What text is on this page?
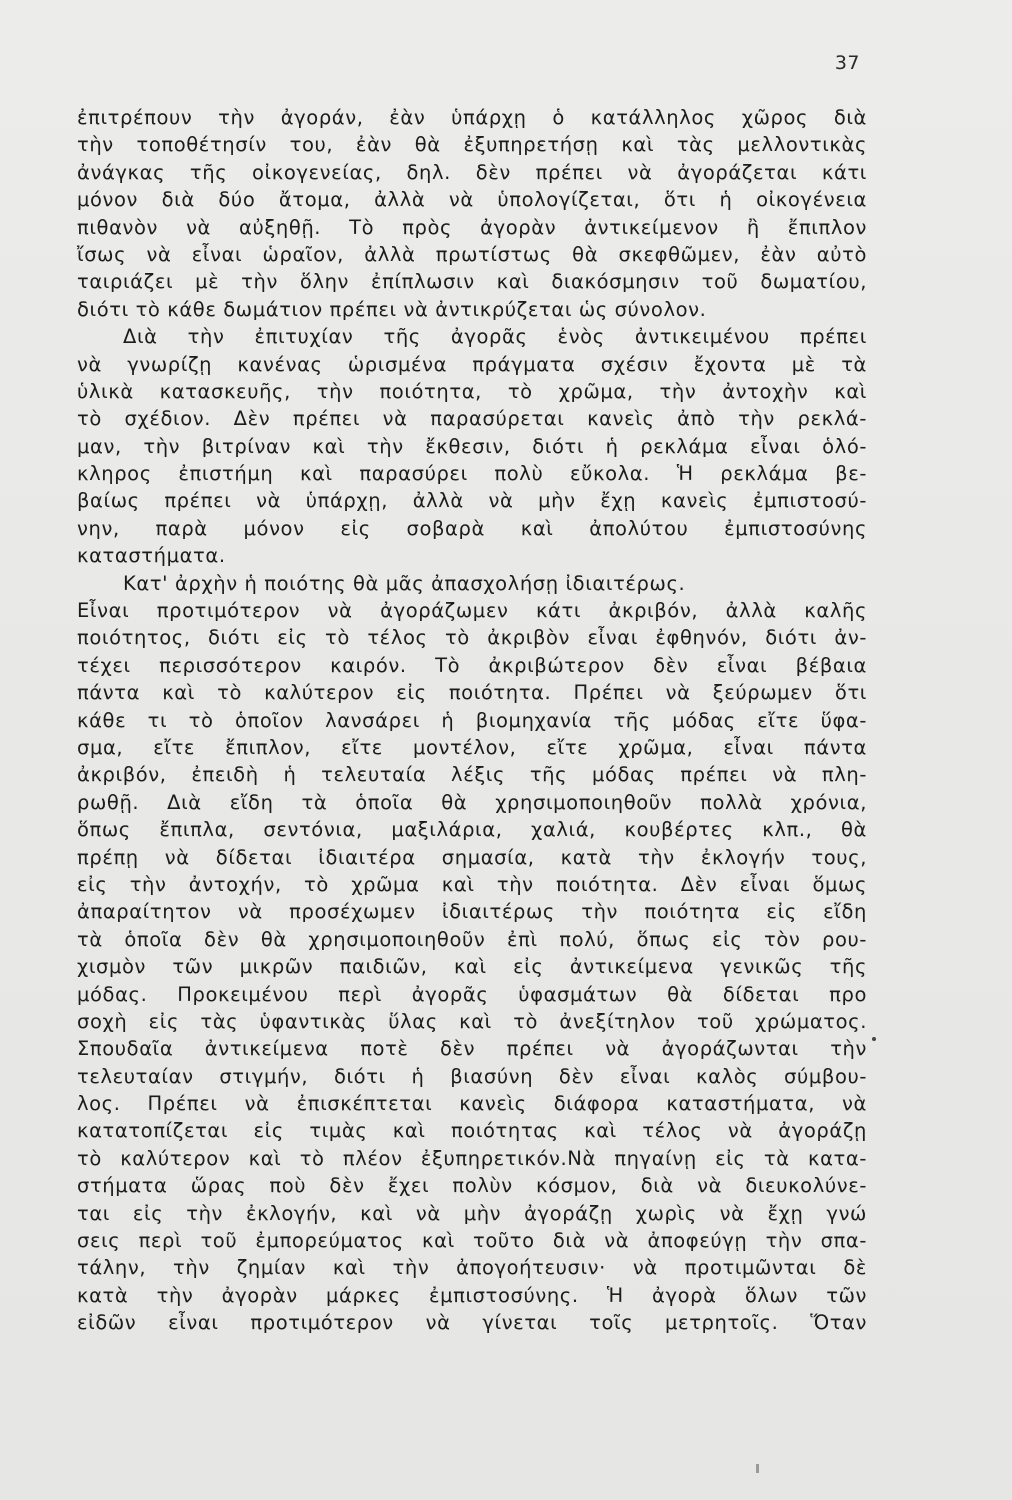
37
ἐπιτρέπουν τὴν ἀγοράν, ἐὰν ὑπάρχῃ ὁ κατάλληλος χῶρος διὰ
τὴν τοποθέτησίν του, ἐὰν θὰ ἐξυπηρετήσῃ καὶ τὰς μελλοντικὰς
ἀνάγκας τῆς οἰκογενείας, δηλ. δὲν πρέπει νὰ ἀγοράζεται κάτι
μόνον διὰ δύο ἄτομα, ἀλλὰ νὰ ὑπολογίζεται, ὅτι ἡ οἰκογένεια
πιθανὸν νὰ αὐξηθῇ. Τὸ πρὸς ἀγορὰν ἀντικείμενον ἢ ἔπιπλον
ἴσως νὰ εἶναι ὡραῖον, ἀλλὰ πρωτίστως θὰ σκεφθῶμεν, ἐὰν αὐτὸ
ταιριάζει μὲ τὴν ὅλην ἐπίπλωσιν καὶ διακόσμησιν τοῦ δωματίου,
διότι τὸ κάθε δωμάτιον πρέπει νὰ ἀντικρύζεται ὡς σύνολον.
Διὰ τὴν ἐπιτυχίαν τῆς ἀγορᾶς ἑνὸς ἀντικειμένου πρέπει
νὰ γνωρίζῃ κανένας ὡρισμένα πράγματα σχέσιν ἔχοντα μὲ τὰ
ὑλικὰ κατασκευῆς, τὴν ποιότητα, τὸ χρῶμα, τὴν ἀντοχὴν καὶ
τὸ σχέδιον. Δὲν πρέπει νὰ παρασύρεται κανεὶς ἀπὸ τὴν ρεκλά-
μαν, τὴν βιτρίναν καὶ τὴν ἔκθεσιν, διότι ἡ ρεκλάμα εἶναι ὁλό-
κληρος ἐπιστήμη καὶ παρασύρει πολὺ εὔκολα. Ἡ ρεκλάμα βε-
βαίως πρέπει νὰ ὑπάρχῃ, ἀλλὰ νὰ μὴν ἔχῃ κανεὶς ἐμπιστοσύ-
νην, παρὰ μόνον εἰς σοβαρὰ καὶ ἀπολύτου ἐμπιστοσύνης
καταστήματα.
Κατ' ἀρχὴν ἡ ποιότης θὰ μᾶς ἀπασχολήσῃ ἰδιαιτέρως.
Εἶναι προτιμότερον νὰ ἀγοράζωμεν κάτι ἀκριβόν, ἀλλὰ καλῆς
ποιότητος, διότι εἰς τὸ τέλος τὸ ἀκριβὸν εἶναι ἐφθηνόν, διότι ἀν-
τέχει περισσότερον καιρόν. Τὸ ἀκριβώτερον δὲν εἶναι βέβαια
πάντα καὶ τὸ καλύτερον εἰς ποιότητα. Πρέπει νὰ ξεύρωμεν ὅτι
κάθε τι τὸ ὁποῖον λανσάρει ἡ βιομηχανία τῆς μόδας εἴτε ὕφα-
σμα, εἴτε ἔπιπλον, εἴτε μοντέλον, εἴτε χρῶμα, εἶναι πάντα
ἀκριβόν, ἐπειδὴ ἡ τελευταία λέξις τῆς μόδας πρέπει νὰ πλη-
ρωθῇ. Διὰ εἴδη τὰ ὁποῖα θὰ χρησιμοποιηθοῦν πολλὰ χρόνια,
ὅπως ἔπιπλα, σεντόνια, μαξιλάρια, χαλιά, κουβέρτες κλπ., θὰ
πρέπῃ νὰ δίδεται ἰδιαιτέρα σημασία, κατὰ τὴν ἐκλογήν τους,
εἰς τὴν ἀντοχήν, τὸ χρῶμα καὶ τὴν ποιότητα. Δὲν εἶναι ὅμως
ἀπαραίτητον νὰ προσέχωμεν ἰδιαιτέρως τὴν ποιότητα εἰς εἴδη
τὰ ὁποῖα δὲν θὰ χρησιμοποιηθοῦν ἐπὶ πολύ, ὅπως εἰς τὸν ρου-
χισμὸν τῶν μικρῶν παιδιῶν, καὶ εἰς ἀντικείμενα γενικῶς τῆς
μόδας. Προκειμένου περὶ ἀγορᾶς ὑφασμάτων θὰ δίδεται προ
σοχὴ εἰς τὰς ὑφαντικὰς ὕλας καὶ τὸ ἀνεξίτηλον τοῦ χρώματος.
Σπουδαῖα ἀντικείμενα ποτὲ δὲν πρέπει νὰ ἀγοράζωνται τὴν
τελευταίαν στιγμήν, διότι ἡ βιασύνη δὲν εἶναι καλὸς σύμβου-
λος. Πρέπει νὰ ἐπισκέπτεται κανεὶς διάφορα καταστήματα, νὰ
κατατοπίζεται εἰς τιμὰς καὶ ποιότητας καὶ τέλος νὰ ἀγοράζῃ
τὸ καλύτερον καὶ τὸ πλέον ἐξυπηρετικόν.Νὰ πηγαίνῃ εἰς τὰ κατα-
στήματα ὥρας ποὺ δὲν ἔχει πολὺν κόσμον, διὰ νὰ διευκολύνε-
ται εἰς τὴν ἐκλογήν, καὶ νὰ μὴν ἀγοράζῃ χωρὶς νὰ ἔχῃ γνώ
σεις περὶ τοῦ ἐμπορεύματος καὶ τοῦτο διὰ νὰ ἀποφεύγῃ τὴν σπα-
τάλην, τὴν ζημίαν καὶ τὴν ἀπογοήτευσιν· νὰ προτιμῶνται δὲ
κατὰ τὴν ἀγορὰν μάρκες ἐμπιστοσύνης. Ἡ ἀγορὰ ὅλων τῶν
εἰδῶν εἶναι προτιμότερον νὰ γίνεται τοῖς μετρητοῖς. Ὅταν
